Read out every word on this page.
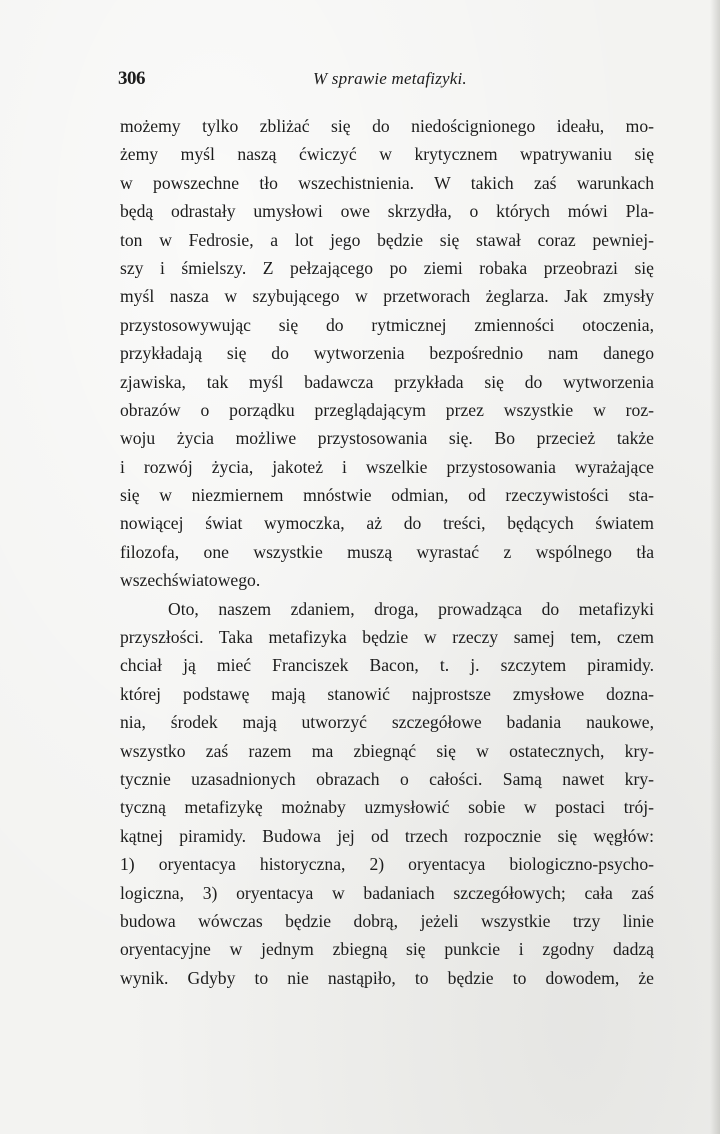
306	W sprawie metafizyki.
możemy tylko zbliżać się do niedoścignionego ideału, mo-
żemy myśl naszą ćwiczyć w krytycznem wpatrywaniu się
w powszechne tło wszechistnienia. W takich zaś warunkach
będą odrastały umysłowi owe skrzydła, o których mówi Pla-
ton w Fedrosie, a lot jego będzie się stawał coraz pewniej-
szy i śmielszy. Z pełzającego po ziemi robaka przeobrazi się
myśl nasza w szybującego w przetworach żeglarza. Jak zmysły
przystosowywując się do rytmicznej zmienności otoczenia,
przykładają się do wytworzenia bezpośrednio nam danego
zjawiska, tak myśl badawcza przykłada się do wytworzenia
obrazów o porządku przeglądającym przez wszystkie w roz-
woju życia możliwe przystosowania się. Bo przecież także
i rozwój życia, jakoteż i wszelkie przystosowania wyrażające
się w niezmiernem mnóstwie odmian, od rzeczywistości sta-
nowiącej świat wymoczka, aż do treści, będących światem
filozofa, one wszystkie muszą wyrastać z wspólnego tła
wszechświatowego.
Oto, naszem zdaniem, droga, prowadząca do metafizyki
przyszłości. Taka metafizyka będzie w rzeczy samej tem, czem
chciał ją mieć Franciszek Bacon, t. j. szczytem piramidy.
której podstawę mają stanowić najprostsze zmysłowe dozna-
nia, środek mają utworzyć szczegółowe badania naukowe,
wszystko zaś razem ma zbiegnąć się w ostatecznych, kry-
tycznie uzasadnionych obrazach o całości. Samą nawet kry-
tyczną metafizykę możnaby uzmysłowić sobie w postaci trój-
kątnej piramidy. Budowa jej od trzech rozpocznie się węgłów:
1) oryentacya historyczna, 2) oryentacya biologiczno-psycho-
logiczna, 3) oryentacya w badaniach szczegółowych; cała zaś
budowa wówczas będzie dobrą, jeżeli wszystkie trzy linie
oryentacyjne w jednym zbiegną się punkcie i zgodny dadzą
wynik. Gdyby to nie nastąpiło, to będzie to dowodem, że
